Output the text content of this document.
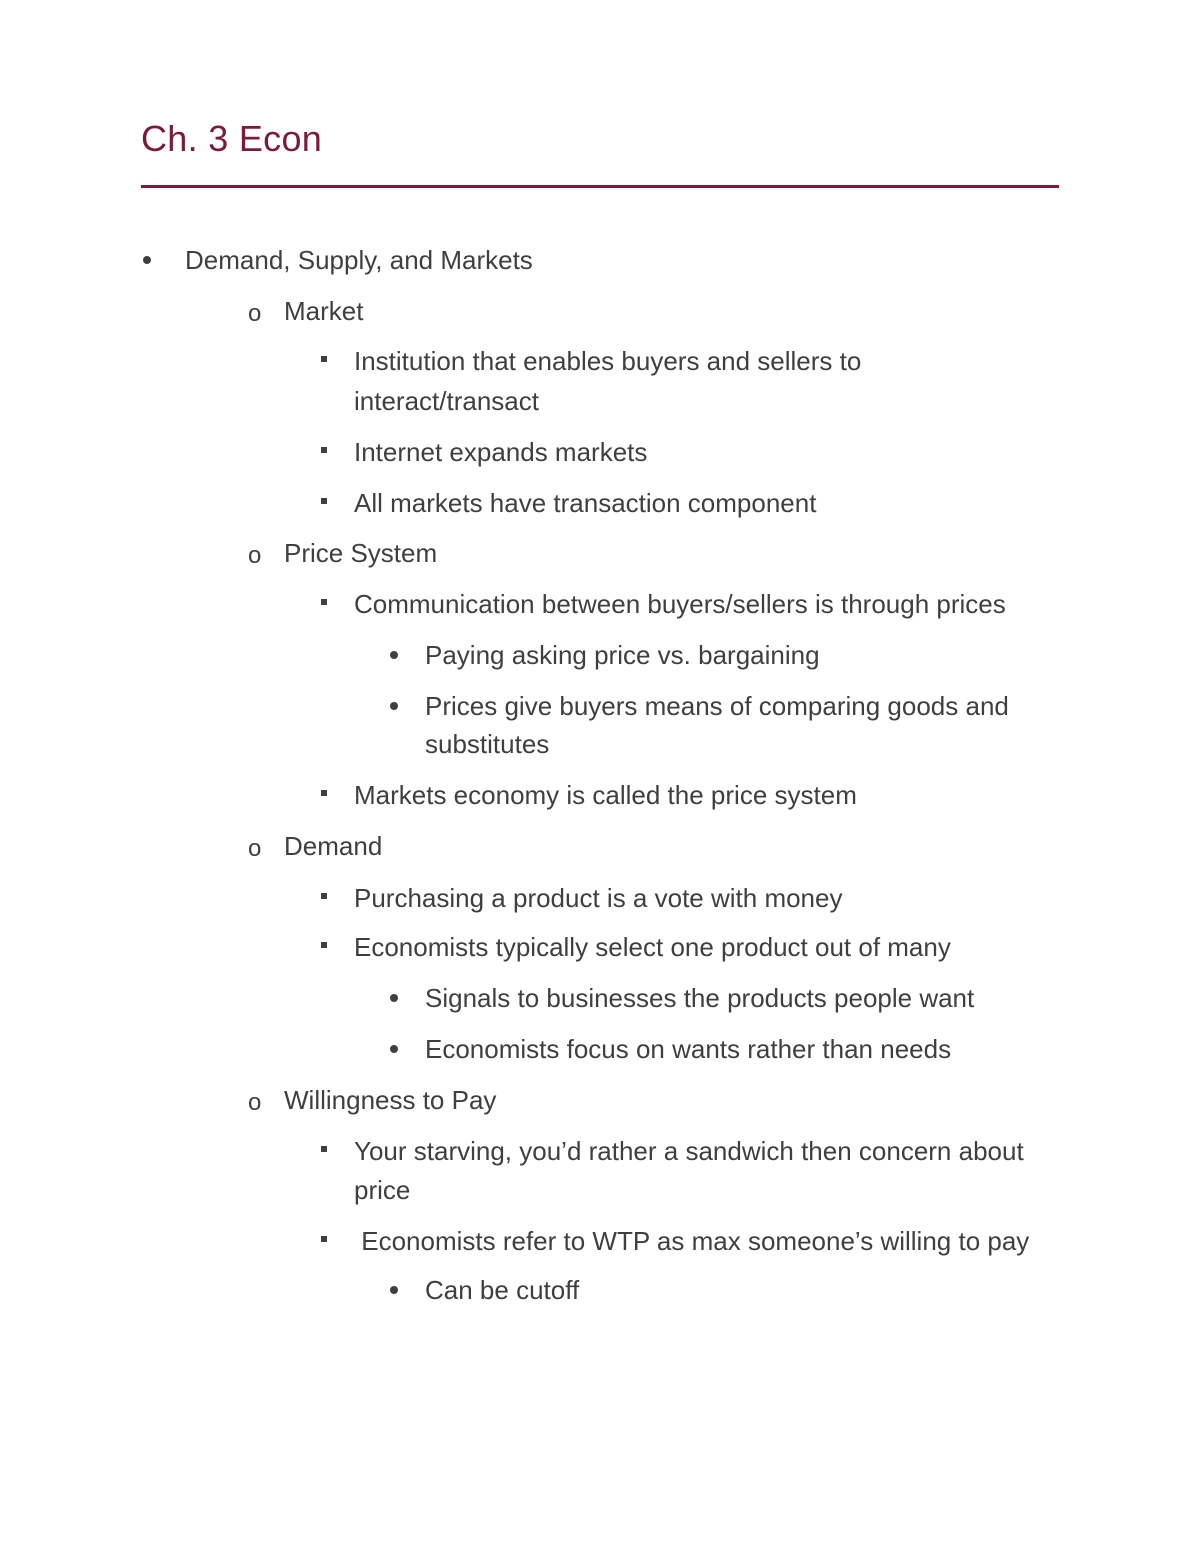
Ch. 3 Econ
Demand, Supply, and Markets
o Market
Institution that enables buyers and sellers to
interact/transact
Internet expands markets
All markets have transaction component
o Price System
Communication between buyers/sellers is through prices
Paying asking price vs. bargaining
Prices give buyers means of comparing goods and
substitutes
Markets economy is called the price system
o Demand
Purchasing a product is a vote with money
Economists typically select one product out of many
Signals to businesses the products people want
Economists focus on wants rather than needs
o Willingness to Pay
Your starving, you’d rather a sandwich then concern about
price
Economists refer to WTP as max someone’s willing to pay
Can be cutoff
